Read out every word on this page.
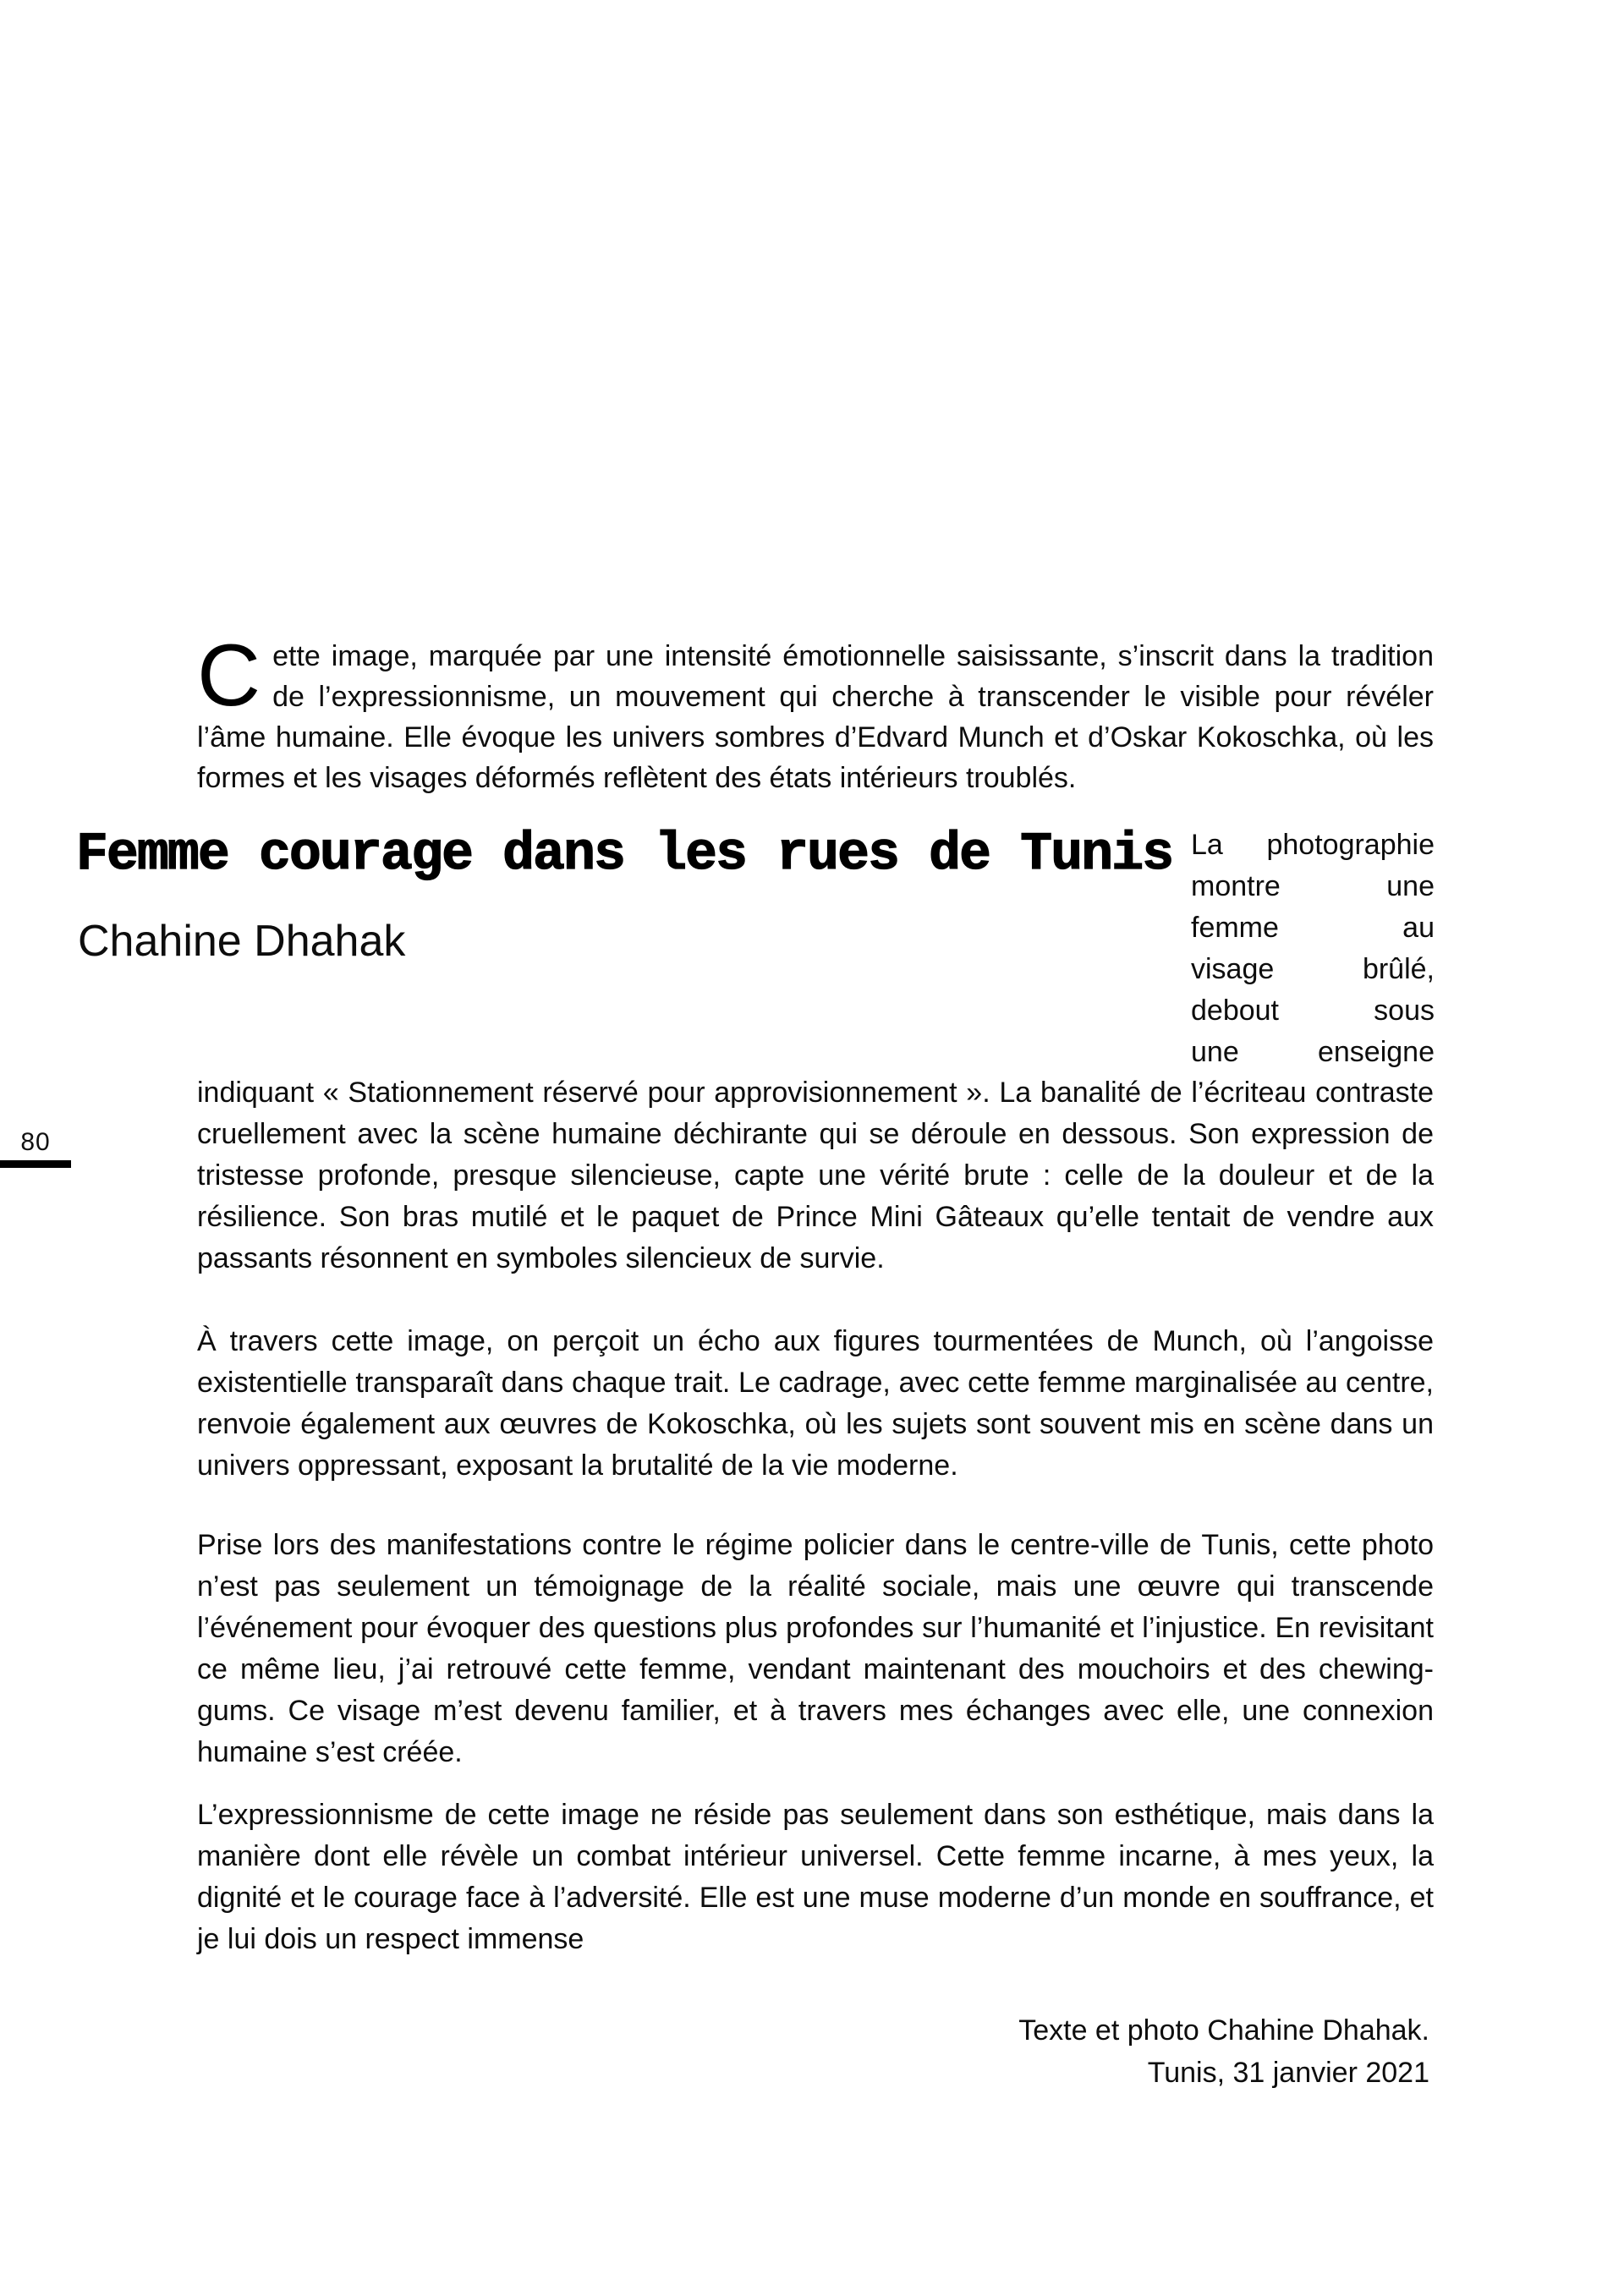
Cette image, marquée par une intensité émotionnelle saisissante, s’inscrit dans la tradition de l’expressionnisme, un mouvement qui cherche à transcender le visible pour révéler l’âme humaine. Elle évoque les univers sombres d’Edvard Munch et d’Oskar Kokoschka, où les formes et les visages déformés reflètent des états intérieurs troublés.

Femme courage dans les rues de Tunis
Chahine Dhahak
La photographie
montre une
femme au
visage brûlé,
debout sous
une enseigne

indiquant « Stationnement réservé pour approvisionnement ». La banalité de l’écriteau contraste cruellement avec la scène humaine déchirante qui se déroule en dessous. Son expression de tristesse profonde, presque silencieuse, capte une vérité brute : celle de la douleur et de la résilience. Son bras mutilé et le paquet de Prince Mini Gâteaux qu’elle tentait de vendre aux passants résonnent en symboles silencieux de survie.

À travers cette image, on perçoit un écho aux figures tourmentées de Munch, où l’angoisse existentielle transparaît dans chaque trait. Le cadrage, avec cette femme marginalisée au centre, renvoie également aux œuvres de Kokoschka, où les sujets sont souvent mis en scène dans un univers oppressant, exposant la brutalité de la vie moderne.

Prise lors des manifestations contre le régime policier dans le centre-ville de Tunis, cette photo n’est pas seulement un témoignage de la réalité sociale, mais une œuvre qui transcende l’événement pour évoquer des questions plus profondes sur l’humanité et l’injustice. En revisitant ce même lieu, j’ai retrouvé cette femme, vendant maintenant des mouchoirs et des chewing-gums. Ce visage m’est devenu familier, et à travers mes échanges avec elle, une connexion humaine s’est créée.

L’expressionnisme de cette image ne réside pas seulement dans son esthétique, mais dans la manière dont elle révèle un combat intérieur universel. Cette femme incarne, à mes yeux, la dignité et le courage face à l’adversité. Elle est une muse moderne d’un monde en souffrance, et je lui dois un respect immense

80
Texte et photo Chahine Dhahak.
Tunis, 31 janvier 2021
